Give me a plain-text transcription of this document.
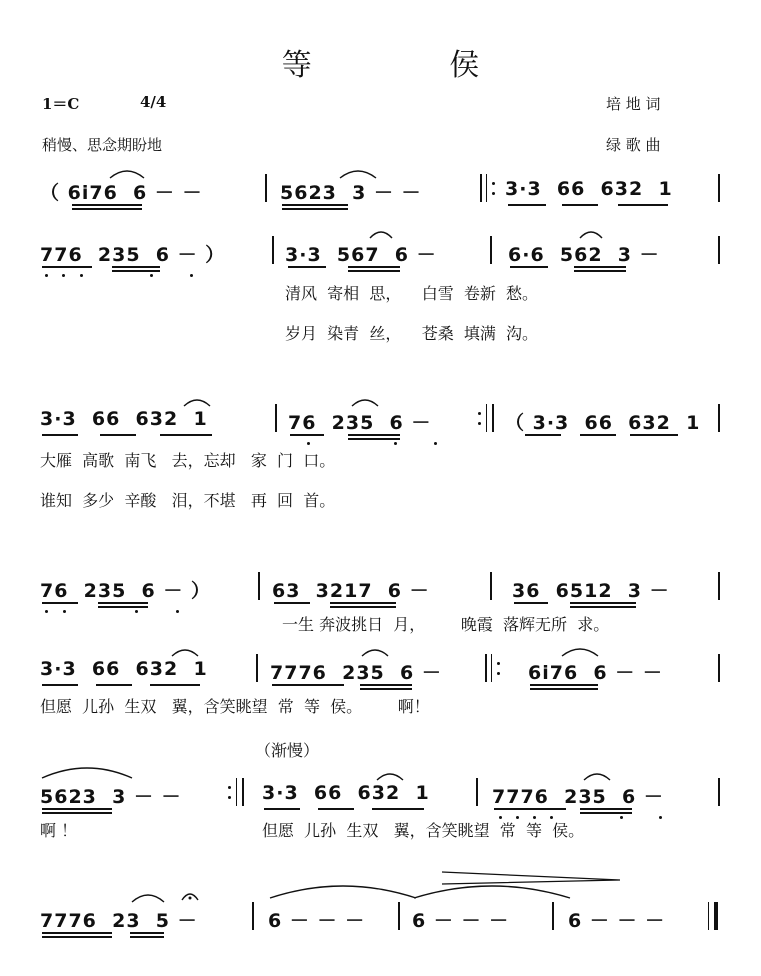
等	侯
1＝C	4/4
稍慢、思念期盼地
培 地 词
绿 歌 曲
（ 6i76  6 － －	5623  3 － －	3·3  66  632  1
776  235  6 － ）	3·3  567  6 －	6·6  562  3 －
清风  寄相  思，    白雪  卷新  愁。
岁月  染青  丝，    苍桑  填满  沟。
3·3  66  632  1	76  235  6 －	（ 3·3  66  632  1
大雁  高歌  南飞   去，忘却   家  门  口。
谁知  多少  辛酸   泪，不堪   再  回  首。
76  235  6 － ）	63  3217  6 －	36  6512  3 －
一生 奔波挑日  月，       晚霞  落辉无所  求。
3·3  66  632  1	7776  235  6 －	6i76  6 － －
但愿  儿孙  生双   翼，含笑眺望  常  等  侯。       啊！
（渐慢）
5623  3 － －	3·3  66  632  1	7776  235  6 －
啊 ！	但愿  儿孙  生双   翼，含笑眺望  常  等  侯。
7776  23  5 －	6 － － － 6 － － －	6 － － －
